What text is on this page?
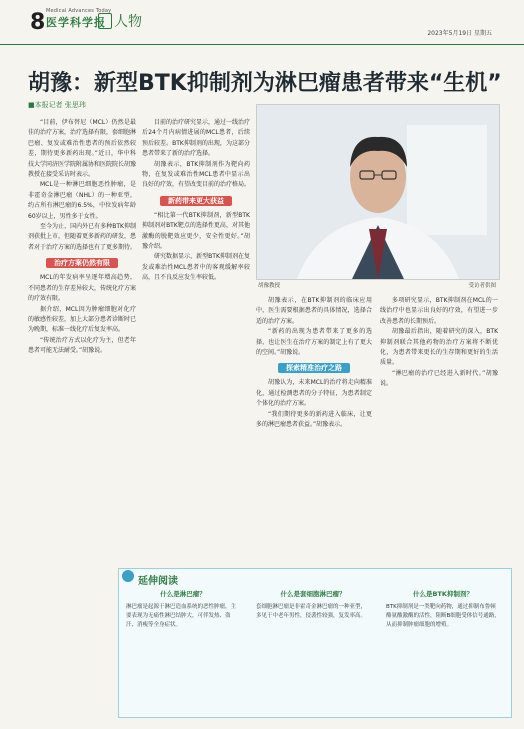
8 Medical Advances Today
医学科学报 人物
2023年5月19日 星期五
胡豫：新型BTK抑制剂为淋巴瘤患者带来“生机”
■本报记者 张思玮

“目前，伊布替尼（MCL）仍然是最佳的治疗方案，治疗选择有限，套细胞淋巴瘤、复发或难治性患者的预后依然较差，期待更多新药出现。”近日，华中科技大学同济医学院附属协和医院院长胡豫教授在接受采访时表示。

MCL是一种淋巴细胞恶性肿瘤，是非霍奇金淋巴瘤（NHL）的一种亚型，约占所有淋巴瘤的6.5%，中位发病年龄60岁以上，男性多于女性。

至今为止，国内外已有多种BTK抑制剂获批上市，但随着更多新药的研发，患者对于治疗方案的选择也有了更多期待。

治疗方案仍然有限

MCL的年发病率呈逐年增高趋势，不同患者的生存差异较大，传统化疗方案的疗效有限。

据介绍，MCL因为肿瘤细胞对化疗的敏感性较差，加上大部分患者诊断时已为晚期，标准一线化疗后复发率高。

“传统治疗方式以化疗为主，但老年患者可能无法耐受。”胡豫说。

目前的治疗研究显示，通过一线治疗后24个月内病情进展的MCL患者，后续预后较差。BTK抑制剂的出现，为这部分患者带来了新的治疗选择。

胡豫表示，BTK抑制剂作为靶向药物，在复发或难治性MCL患者中显示出良好的疗效，有望改变目前的治疗格局。

新药带来更大获益

“相比第一代BTK抑制剂，新型BTK抑制剂对BTK靶点的选择性更高，对其他激酶的脱靶效应更少，安全性更好。”胡豫介绍。

研究数据显示，新型BTK抑制剂在复发或难治性MCL患者中的客观缓解率较高，且不良反应发生率较低。

胡豫教授	受访者供图

胡豫表示，在BTK抑制剂的临床应用中，医生需要根据患者的具体情况，选择合适的治疗方案。

“新药的出现为患者带来了更多的选择，也让医生在治疗方案的制定上有了更大的空间。”胡豫说。

探索精准治疗之路

胡豫认为，未来MCL的治疗将走向精准化，通过检测患者的分子特征，为患者制定个体化的治疗方案。

“我们期待更多的新药进入临床，让更多的淋巴瘤患者获益。”胡豫表示。

多项研究显示，BTK抑制剂在MCL的一线治疗中也显示出良好的疗效，有望进一步改善患者的长期预后。

胡豫最后指出，随着研究的深入，BTK抑制剂联合其他药物的治疗方案将不断优化，为患者带来更长的生存期和更好的生活质量。

“淋巴瘤的治疗已经进入新时代。”胡豫说。

延伸阅读
什么是淋巴瘤？
淋巴瘤是起源于淋巴造血系统的恶性肿瘤，主要表现为无痛性淋巴结肿大，可伴发热、盗汗、消瘦等全身症状。
什么是套细胞淋巴瘤？
套细胞淋巴瘤是非霍奇金淋巴瘤的一种亚型，多见于中老年男性，侵袭性较强，复发率高。
什么是BTK抑制剂？
BTK抑制剂是一类靶向药物，通过抑制布鲁顿酪氨酸激酶的活性，阻断B细胞受体信号通路，从而抑制肿瘤细胞的增殖。
